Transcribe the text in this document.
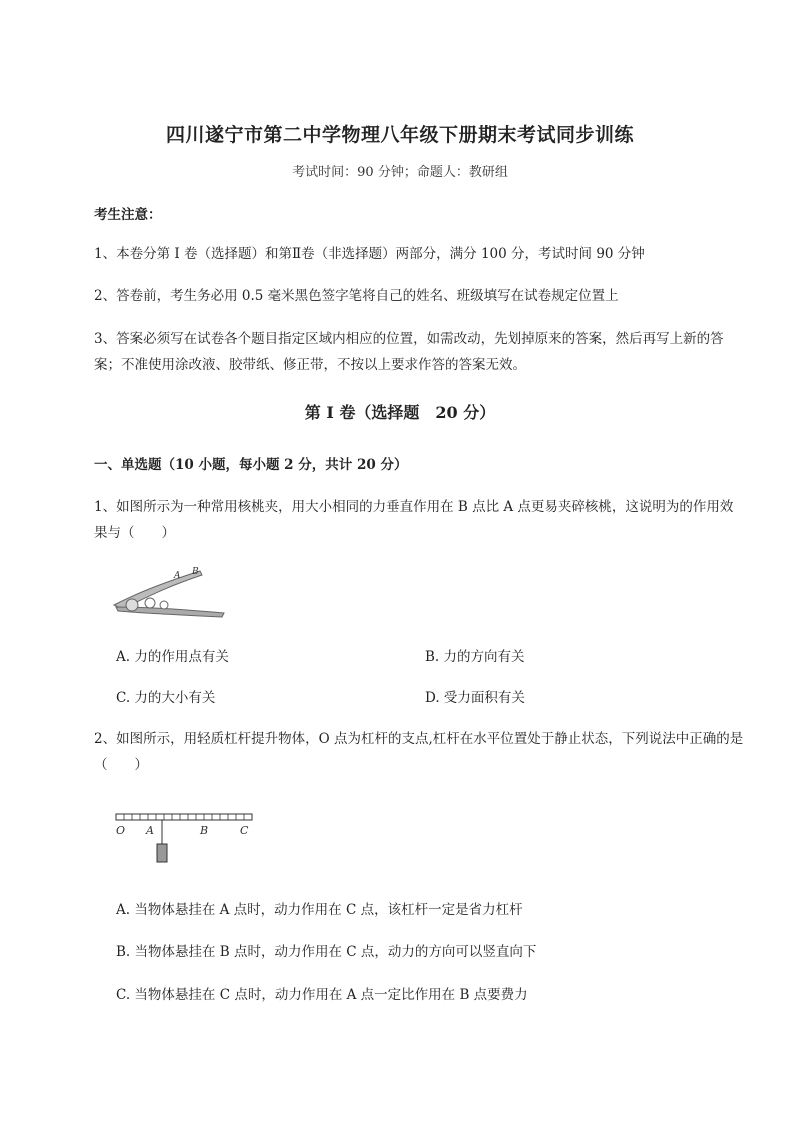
四川遂宁市第二中学物理八年级下册期末考试同步训练
考试时间：90 分钟；命题人：教研组
考生注意：
1、本卷分第 I 卷（选择题）和第Ⅱ卷（非选择题）两部分，满分 100 分，考试时间 90 分钟
2、答卷前，考生务必用 0.5 毫米黑色签字笔将自己的姓名、班级填写在试卷规定位置上
3、答案必须写在试卷各个题目指定区域内相应的位置，如需改动，先划掉原来的答案，然后再写上新的答案；不准使用涂改液、胶带纸、修正带，不按以上要求作答的答案无效。
第 I 卷（选择题　20 分）
一、单选题（10 小题，每小题 2 分，共计 20 分）
1、如图所示为一种常用核桃夹，用大小相同的力垂直作用在 B 点比 A 点更易夹碎核桃，这说明为的作用效果与（　　）
A B
A. 力的作用点有关	B. 力的方向有关
C. 力的大小有关	D. 受力面积有关
2、如图所示，用轻质杠杆提升物体，O 点为杠杆的支点,杠杆在水平位置处于静止状态，下列说法中正确的是（　　）
O A	B	C
A. 当物体悬挂在 A 点时，动力作用在 C 点，该杠杆一定是省力杠杆
B. 当物体悬挂在 B 点时，动力作用在 C 点，动力的方向可以竖直向下
C. 当物体悬挂在 C 点时，动力作用在 A 点一定比作用在 B 点要费力
